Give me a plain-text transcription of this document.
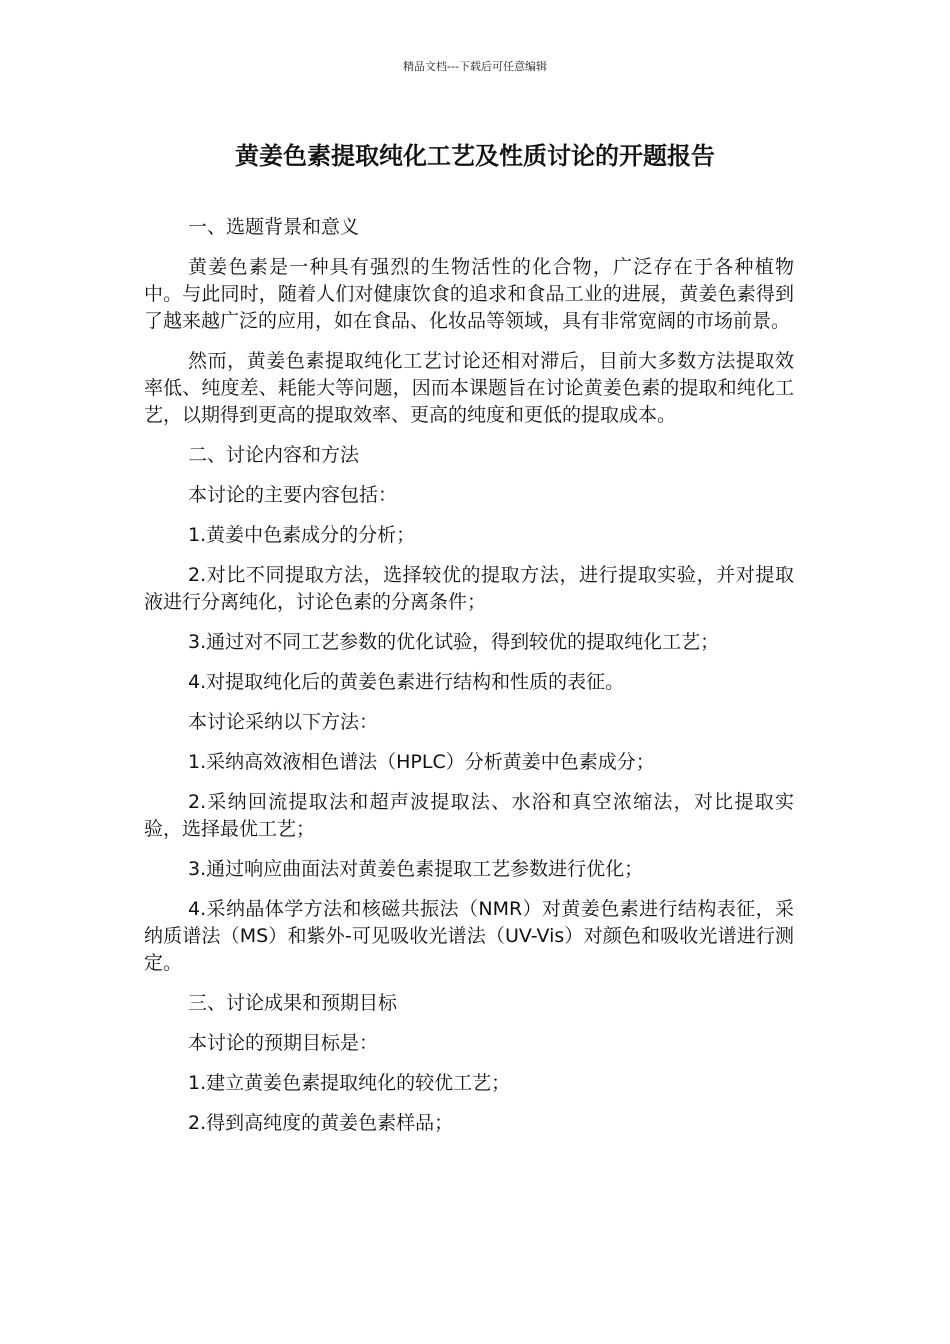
精品文档---下载后可任意编辑
黄姜色素提取纯化工艺及性质讨论的开题报告

一、选题背景和意义

黄姜色素是一种具有强烈的生物活性的化合物，广泛存在于各种植物中。与此同时，随着人们对健康饮食的追求和食品工业的进展，黄姜色素得到了越来越广泛的应用，如在食品、化妆品等领域，具有非常宽阔的市场前景。

然而，黄姜色素提取纯化工艺讨论还相对滞后，目前大多数方法提取效率低、纯度差、耗能大等问题，因而本课题旨在讨论黄姜色素的提取和纯化工艺，以期得到更高的提取效率、更高的纯度和更低的提取成本。

二、讨论内容和方法

本讨论的主要内容包括：

1.黄姜中色素成分的分析；

2.对比不同提取方法，选择较优的提取方法，进行提取实验，并对提取液进行分离纯化，讨论色素的分离条件；

3.通过对不同工艺参数的优化试验，得到较优的提取纯化工艺；

4.对提取纯化后的黄姜色素进行结构和性质的表征。

本讨论采纳以下方法：

1.采纳高效液相色谱法（HPLC）分析黄姜中色素成分；

2.采纳回流提取法和超声波提取法、水浴和真空浓缩法，对比提取实验，选择最优工艺；

3.通过响应曲面法对黄姜色素提取工艺参数进行优化；

4.采纳晶体学方法和核磁共振法（NMR）对黄姜色素进行结构表征，采纳质谱法（MS）和紫外-可见吸收光谱法（UV-Vis）对颜色和吸收光谱进行测定。

三、讨论成果和预期目标

本讨论的预期目标是：

1.建立黄姜色素提取纯化的较优工艺；

2.得到高纯度的黄姜色素样品；
